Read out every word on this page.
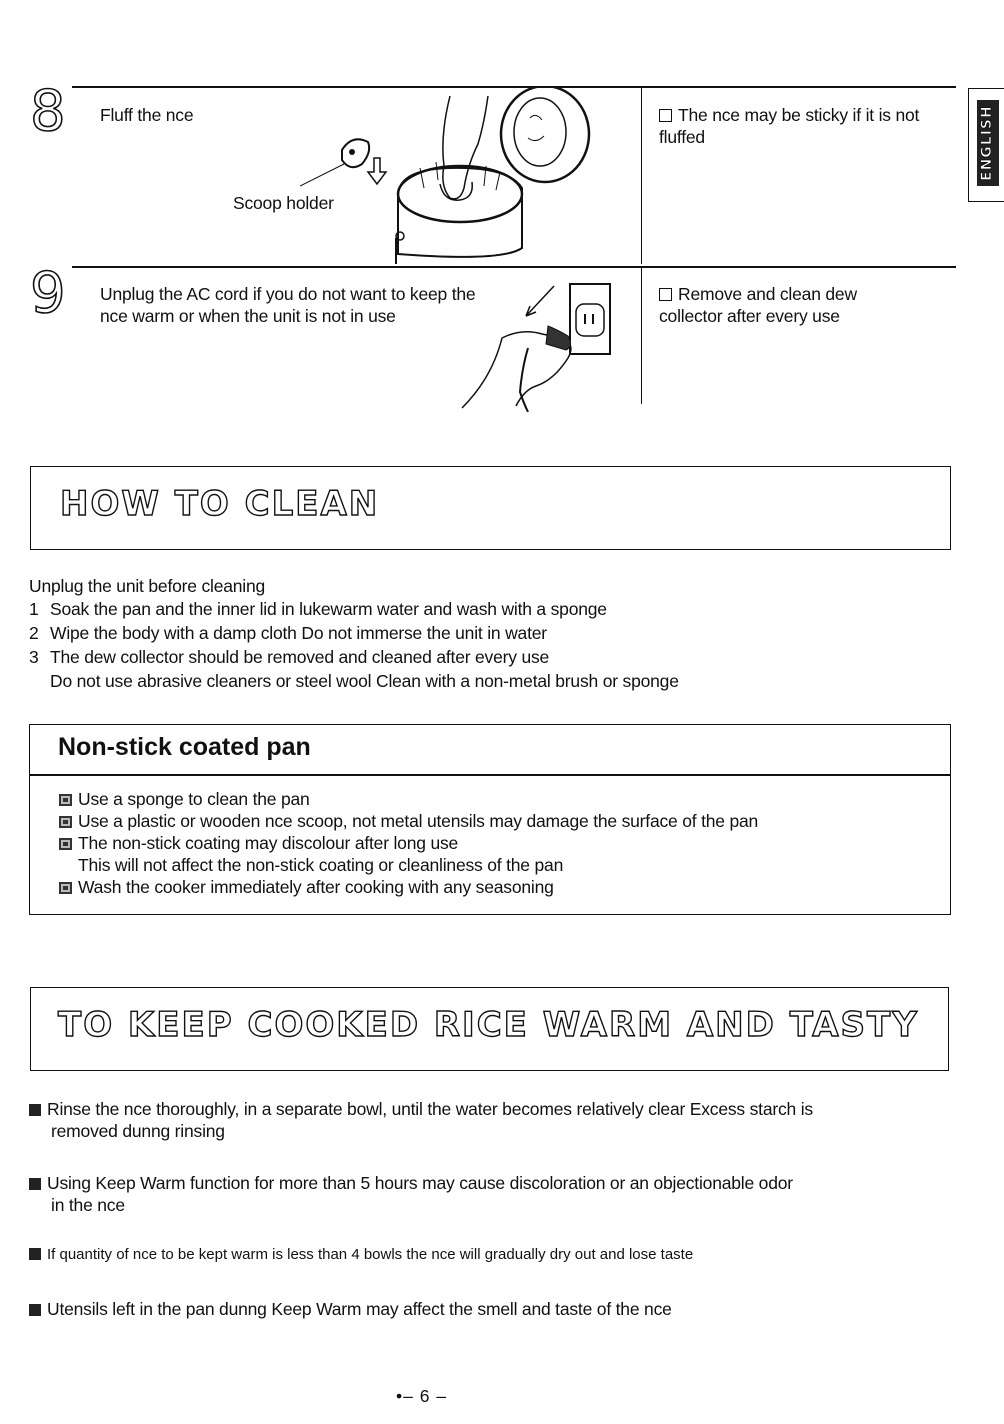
ENGLISH
8 Fluff the nce
Scoop holder
The nce may be sticky if it is not fluffed
9 Unplug the AC cord if you do not want to keep the nce warm or when the unit is not in use
Remove and clean dew collector after every use
HOW TO CLEAN
Unplug the unit before cleaning
1 Soak the pan and the inner lid in lukewarm water and wash with a sponge
2 Wipe the body with a damp cloth Do not immerse the unit in water
3 The dew collector should be removed and cleaned after every use
Do not use abrasive cleaners or steel wool Clean with a non-metal brush or sponge
Non-stick coated pan
Use a sponge to clean the pan
Use a plastic or wooden nce scoop, not metal utensils may damage the surface of the pan
The non-stick coating may discolour after long use
This will not affect the non-stick coating or cleanliness of the pan
Wash the cooker immediately after cooking with any seasoning
TO KEEP COOKED RICE WARM AND TASTY
Rinse the nce thoroughly, in a separate bowl, until the water becomes relatively clear Excess starch is
removed dunng rinsing
Using Keep Warm function for more than 5 hours may cause discoloration or an objectionable odor
in the nce
If quantity of nce to be kept warm is less than 4 bowls the nce will gradually dry out and lose taste
Utensils left in the pan dunng Keep Warm may affect the smell and taste of the nce
•– 6 –
